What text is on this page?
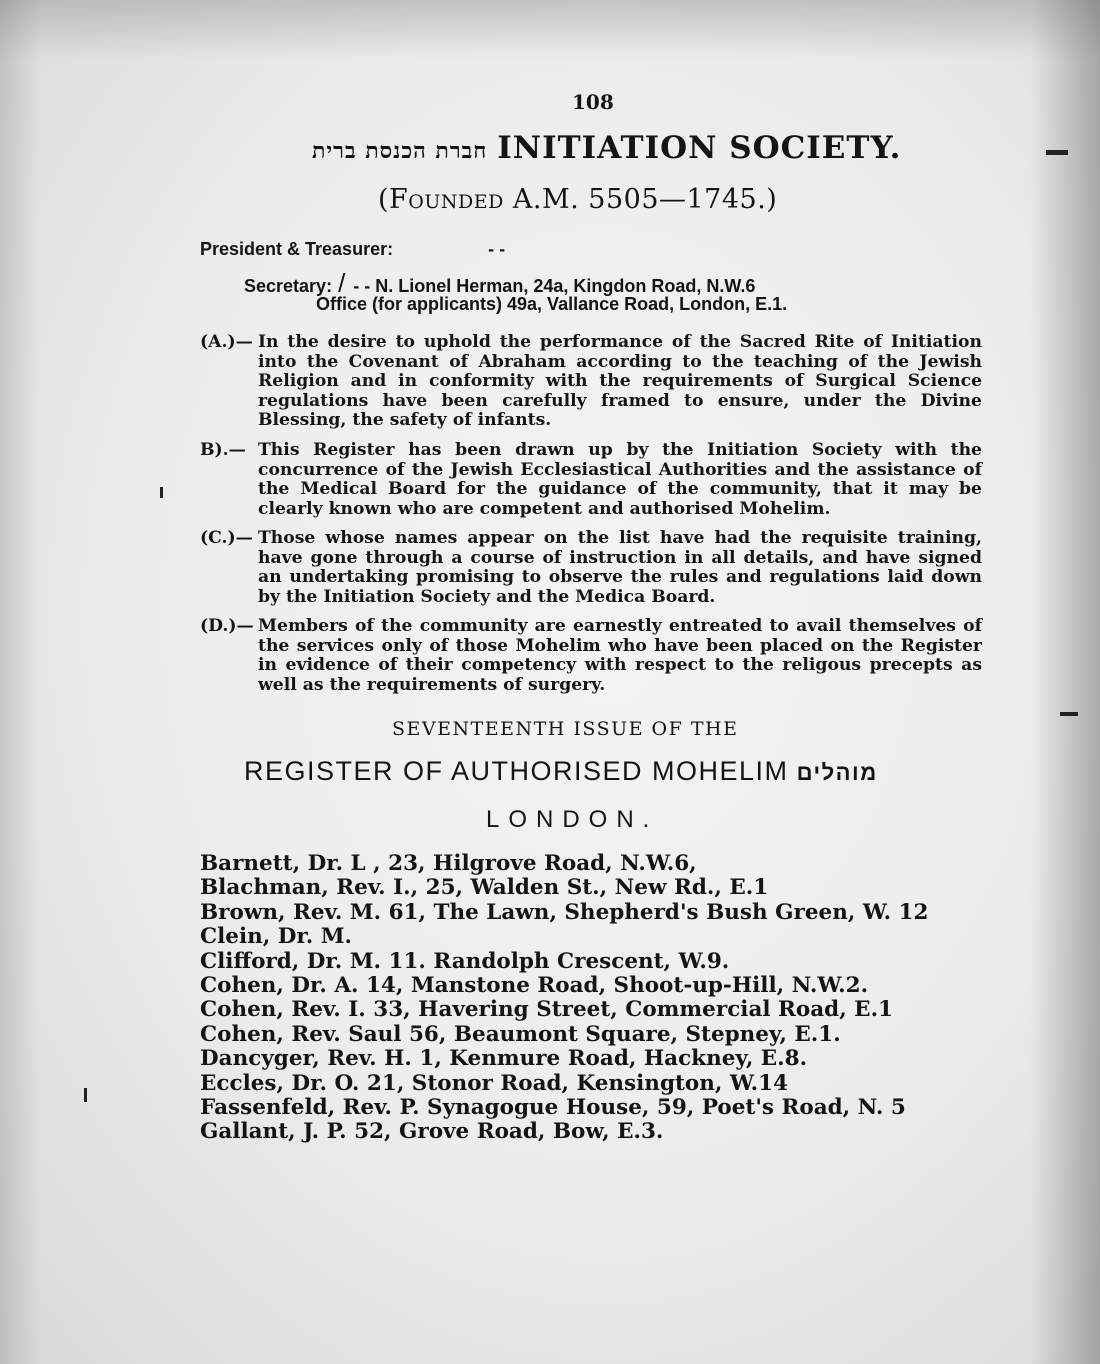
108
חברת הכנסת ברית INITIATION SOCIETY.
(Founded A.M. 5505—1745.)
President & Treasurer:	- -
Secretary: / - - N. Lionel Herman, 24a, Kingdon Road, N.W.6
Office (for applicants) 49a, Vallance Road, London, E.1.
(A.)— In the desire to uphold the performance of the Sacred Rite of Initiation into the Covenant of Abraham according to the teaching of the Jewish Religion and in conformity with the requirements of Surgical Science regulations have been carefully framed to ensure, under the Divine Blessing, the safety of infants.
B).— This Register has been drawn up by the Initiation Society with the concurrence of the Jewish Ecclesiastical Authorities and the assistance of the Medical Board for the guidance of the community, that it may be clearly known who are competent and authorised Mohelim.
(C.)— Those whose names appear on the list have had the requisite training, have gone through a course of instruction in all details, and have signed an undertaking promising to observe the rules and regulations laid down by the Initiation Society and the Medica Board.
(D.)— Members of the community are earnestly entreated to avail themselves of the services only of those Mohelim who have been placed on the Register in evidence of their competency with respect to the religous precepts as well as the requirements of surgery.
SEVENTEENTH ISSUE OF THE
REGISTER OF AUTHORISED MOHELIM מוהלים
LONDON.
Barnett, Dr. L , 23, Hilgrove Road, N.W.6,
Blachman, Rev. I., 25, Walden St., New Rd., E.1
Brown, Rev. M. 61, The Lawn, Shepherd's Bush Green, W. 12
Clein, Dr. M.
Clifford, Dr. M. 11. Randolph Crescent, W.9.
Cohen, Dr. A. 14, Manstone Road, Shoot-up-Hill, N.W.2.
Cohen, Rev. I. 33, Havering Street, Commercial Road, E.1
Cohen, Rev. Saul 56, Beaumont Square, Stepney, E.1.
Dancyger, Rev. H. 1, Kenmure Road, Hackney, E.8.
Eccles, Dr. O. 21, Stonor Road, Kensington, W.14
Fassenfeld, Rev. P. Synagogue House, 59, Poet's Road, N. 5
Gallant, J. P. 52, Grove Road, Bow, E.3.
